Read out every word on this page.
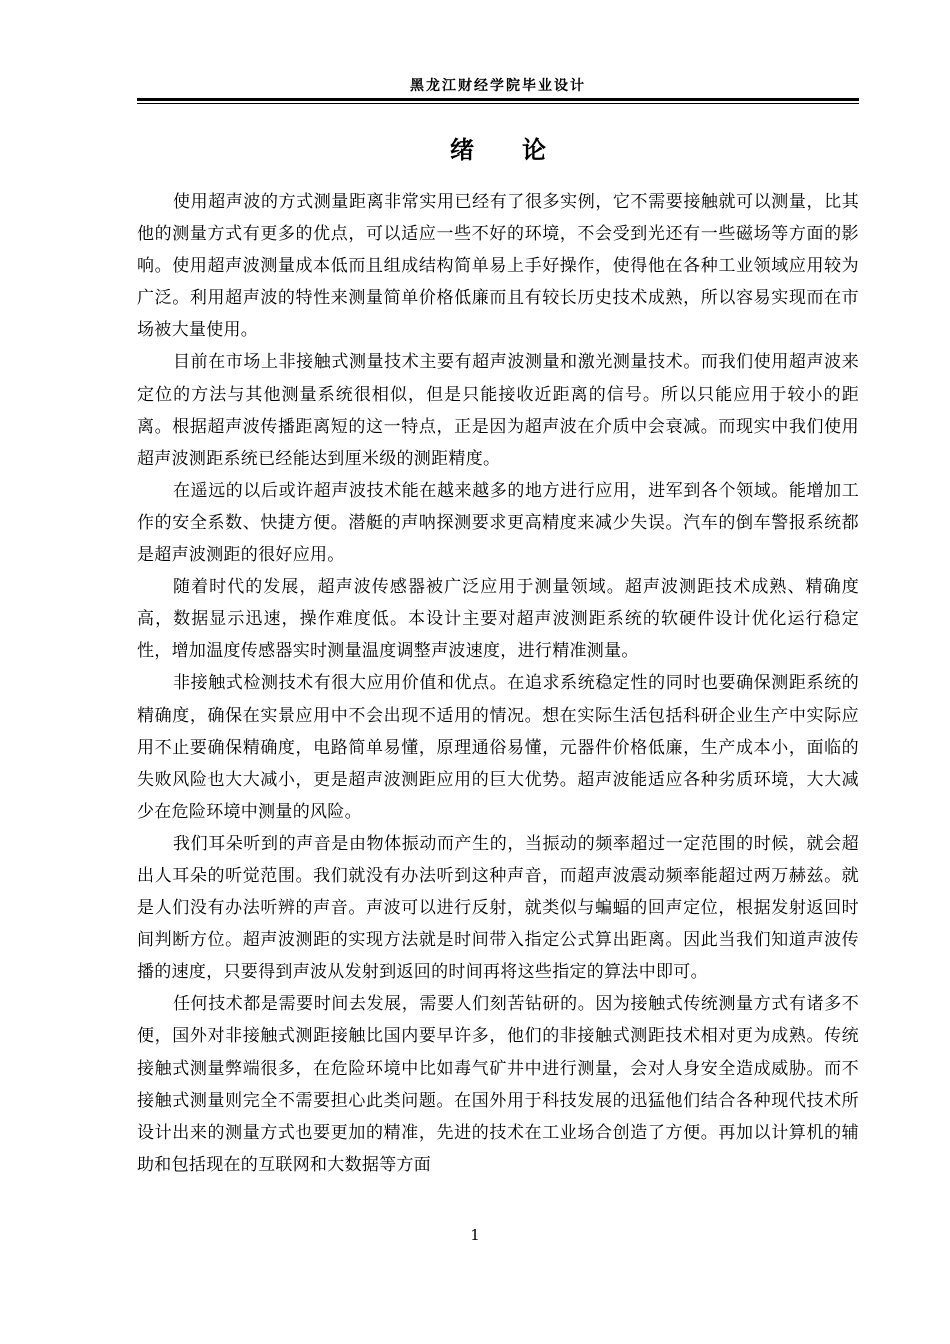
黑龙江财经学院毕业设计
绪 论

使用超声波的方式测量距离非常实用已经有了很多实例，它不需要接触就可以测量，比其他的测量方式有更多的优点，可以适应一些不好的环境，不会受到光还有一些磁场等方面的影响。使用超声波测量成本低而且组成结构简单易上手好操作，使得他在各种工业领域应用较为广泛。利用超声波的特性来测量简单价格低廉而且有较长历史技术成熟，所以容易实现而在市场被大量使用。

目前在市场上非接触式测量技术主要有超声波测量和激光测量技术。而我们使用超声波来定位的方法与其他测量系统很相似，但是只能接收近距离的信号。所以只能应用于较小的距离。根据超声波传播距离短的这一特点，正是因为超声波在介质中会衰减。而现实中我们使用超声波测距系统已经能达到厘米级的测距精度。

在遥远的以后或许超声波技术能在越来越多的地方进行应用，进军到各个领域。能增加工作的安全系数、快捷方便。潜艇的声呐探测要求更高精度来减少失误。汽车的倒车警报系统都是超声波测距的很好应用。

随着时代的发展，超声波传感器被广泛应用于测量领域。超声波测距技术成熟、精确度高，数据显示迅速，操作难度低。本设计主要对超声波测距系统的软硬件设计优化运行稳定性，增加温度传感器实时测量温度调整声波速度，进行精准测量。

非接触式检测技术有很大应用价值和优点。在追求系统稳定性的同时也要确保测距系统的精确度，确保在实景应用中不会出现不适用的情况。想在实际生活包括科研企业生产中实际应用不止要确保精确度，电路简单易懂，原理通俗易懂，元器件价格低廉，生产成本小，面临的失败风险也大大减小，更是超声波测距应用的巨大优势。超声波能适应各种劣质环境，大大减少在危险环境中测量的风险。

我们耳朵听到的声音是由物体振动而产生的，当振动的频率超过一定范围的时候，就会超出人耳朵的听觉范围。我们就没有办法听到这种声音，而超声波震动频率能超过两万赫兹。就是人们没有办法听辨的声音。声波可以进行反射，就类似与蝙蝠的回声定位，根据发射返回时间判断方位。超声波测距的实现方法就是时间带入指定公式算出距离。因此当我们知道声波传播的速度，只要得到声波从发射到返回的时间再将这些指定的算法中即可。

任何技术都是需要时间去发展，需要人们刻苦钻研的。因为接触式传统测量方式有诸多不便，国外对非接触式测距接触比国内要早许多，他们的非接触式测距技术相对更为成熟。传统接触式测量弊端很多，在危险环境中比如毒气矿井中进行测量，会对人身安全造成威胁。而不接触式测量则完全不需要担心此类问题。在国外用于科技发展的迅猛他们结合各种现代技术所设计出来的测量方式也要更加的精准，先进的技术在工业场合创造了方便。再加以计算机的辅助和包括现在的互联网和大数据等方面

1
